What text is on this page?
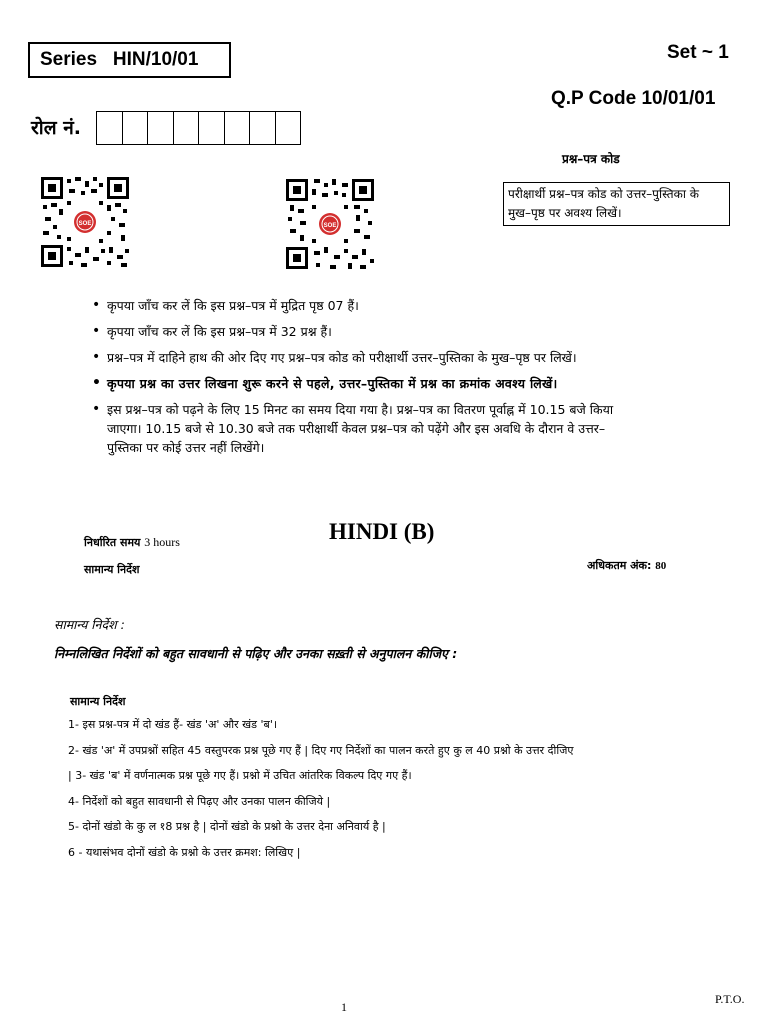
Series   HIN/10/01	Set ~ 1
Q.P Code 10/01/01
रोल नं.
प्रश्न–पत्र कोड
परीक्षार्थी प्रश्न–पत्र कोड को उत्तर–पुस्तिका के मुख–पृष्ठ पर अवश्य लिखें।
SOE	SOE
• कृपया जाँच कर लें कि इस प्रश्न–पत्र में मुद्रित पृष्ठ 07 हैं।
• कृपया जाँच कर लें कि इस प्रश्न–पत्र में 32 प्रश्न हैं।
• प्रश्न–पत्र में दाहिने हाथ की ओर दिए गए प्रश्न–पत्र कोड को परीक्षार्थी उत्तर–पुस्तिका के मुख–पृष्ठ पर लिखें।
• कृपया प्रश्न का उत्तर लिखना शुरू करने से पहले, उत्तर–पुस्तिका में प्रश्न का क्रमांक अवश्य लिखें।
• इस प्रश्न–पत्र को पढ़ने के लिए 15 मिनट का समय दिया गया है। प्रश्न–पत्र का वितरण पूर्वाह्न में 10.15 बजे किया जाएगा। 10.15 बजे से 10.30 बजे तक परीक्षार्थी केवल प्रश्न–पत्र को पढ़ेंगे और इस अवधि के दौरान वे उत्तर–पुस्तिका पर कोई उत्तर नहीं लिखेंगे।
निर्धारित समय 3 hours	HINDI (B)
सामान्य निर्देश	अधिकतम अंक: 80
सामान्य निर्देश :
निम्नलिखित निर्देशों को बहुत सावधानी से पढ़िए और उनका सख़्ती से अनुपालन कीजिए :
सामान्य निर्देश
1- इस प्रश्न-पत्र में दो खंड हैं- खंड 'अ' और खंड 'ब'।
2- खंड 'अ' में उपप्रश्नों सहित 45 वस्तुपरक प्रश्न पूछे गए हैं | दिए गए निर्देशों का पालन करते हुए कु ल 40 प्रश्नो के उत्तर दीजिए
| 3- खंड 'ब' में वर्णनात्मक प्रश्न पूछे गए हैं। प्रश्नो में उचित आंतरिक विकल्प दिए गए हैं।
4- निर्देशों को बहुत सावधानी से पिढ़ए और उनका पालन कीजिये |
5- दोनों खंडो के कु ल १8 प्रश्न है | दोनों खंडो के प्रश्नो के उत्तर देना अनिवार्य है |
6 - यथासंभव दोनों खंडो के प्रश्नो के उत्तर क्रमश: लिखिए |
1
P.T.O.
